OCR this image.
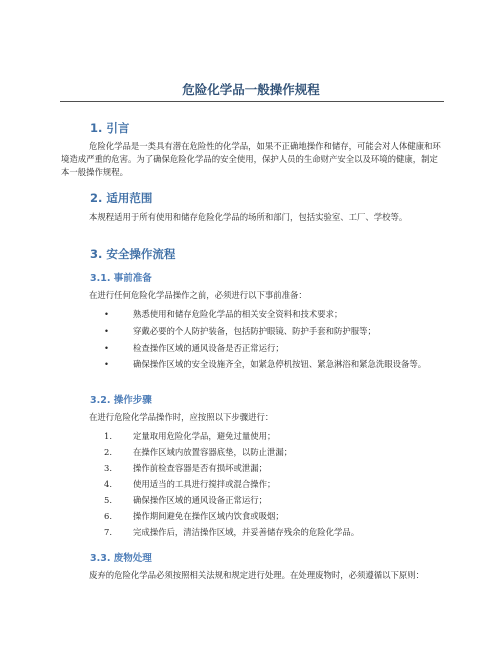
危险化学品一般操作规程
1. 引言

危险化学品是一类具有潜在危险性的化学品，如果不正确地操作和储存，可能会对人体健康和环境造成严重的危害。为了确保危险化学品的安全使用，保护人员的生命财产安全以及环境的健康，制定本一般操作规程。

2. 适用范围

本规程适用于所有使用和储存危险化学品的场所和部门，包括实验室、工厂、学校等。

3. 安全操作流程
3.1. 事前准备

在进行任何危险化学品操作之前，必须进行以下事前准备：

•	熟悉使用和储存危险化学品的相关安全资料和技术要求；
•	穿戴必要的个人防护装备，包括防护眼镜、防护手套和防护服等；
•	检查操作区域的通风设备是否正常运行；
•	确保操作区域的安全设施齐全，如紧急停机按钮、紧急淋浴和紧急洗眼设备等。
3.2. 操作步骤

在进行危险化学品操作时，应按照以下步骤进行：

1.	定量取用危险化学品，避免过量使用；
2.	在操作区域内放置容器底垫，以防止泄漏；
3.	操作前检查容器是否有损坏或泄漏；
4.	使用适当的工具进行搅拌或混合操作；
5.	确保操作区域的通风设备正常运行；
6.	操作期间避免在操作区域内饮食或吸烟；
7.	完成操作后，清洁操作区域，并妥善储存残余的危险化学品。
3.3. 废物处理

废弃的危险化学品必须按照相关法规和规定进行处理。在处理废物时，必须遵循以下原则：
